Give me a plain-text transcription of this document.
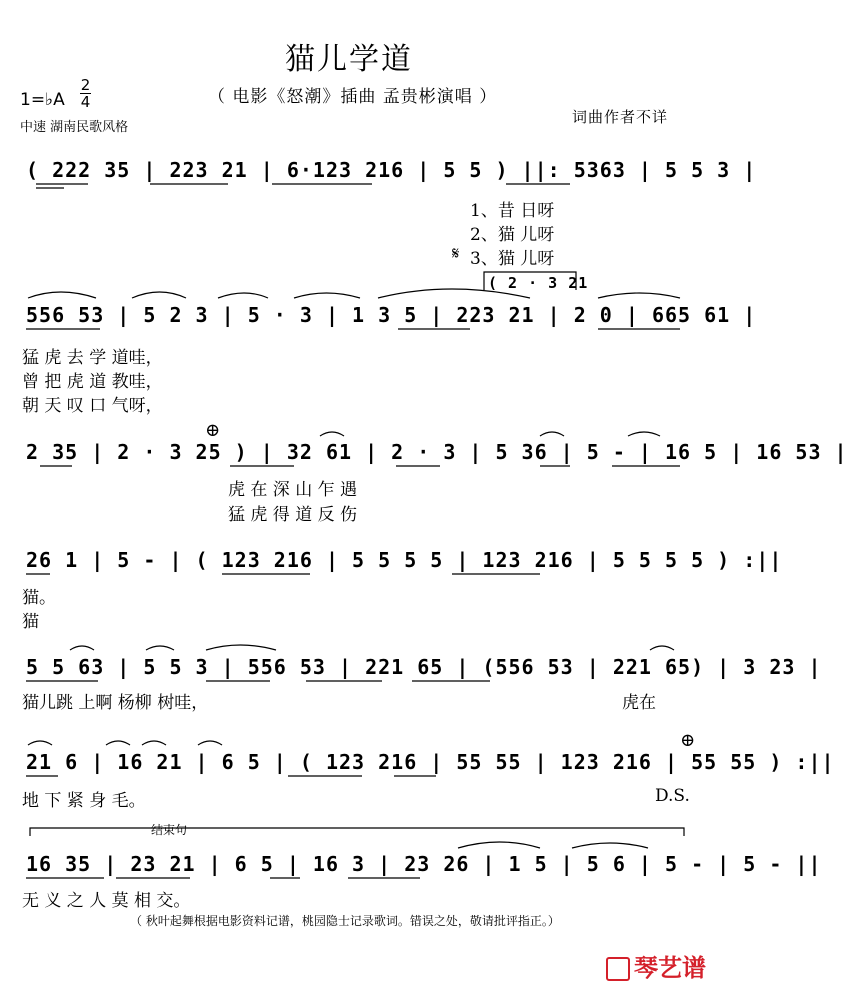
猫儿学道
（ 电影《怒潮》插曲 孟贵彬演唱 ）
1=♭A
2
4
中速 湖南民歌风格
词曲作者不详
( 222 35 | 223 21 | 6·123 216 | 5 5 ) ||: 5363 | 5 5 3 |
1、昔 日呀
2、猫 儿呀
𝄋 3、猫 儿呀
( 2 · 3 21
556 53 | 5 2 3 | 5 · 3 | 1 3 5 | 223 21 | 2 0 | 665 61 |
猛 虎 去 学 道哇，
曾 把 虎 道 教哇，
朝 天 叹 口 气呀，
⊕
2 35 | 2 · 3 25 ) | 32 61 | 2 · 3 | 5 36 | 5 - | 16 5 | 16 53 |
虎 在 深 山 乍 遇
猛 虎 得 道 反 伤
26 1 | 5 - | ( 123 216 | 5 5 5 5 | 123 216 | 5 5 5 5 ) :||
猫。
猫
5 5 63 | 5 5 3 | 556 53 | 221 65 | (556 53 | 221 65) | 3 23 |
猫儿跳 上啊 杨柳 树哇，	虎在
⊕
21 6 | 16 21 | 6 5 | ( 123 216 | 55 55 | 123 216 | 55 55 ) :||
地 下 紧 身 毛。	D.S.
结束句
16 35 | 23 21 | 6 5 | 16 3 | 23 26 | 1 5 | 5 6 | 5 - | 5 - ||
无 义 之 人 莫 相 交。
（ 秋叶起舞根据电影资料记谱，桃园隐士记录歌词。错误之处，敬请批评指正。）
琴艺谱
